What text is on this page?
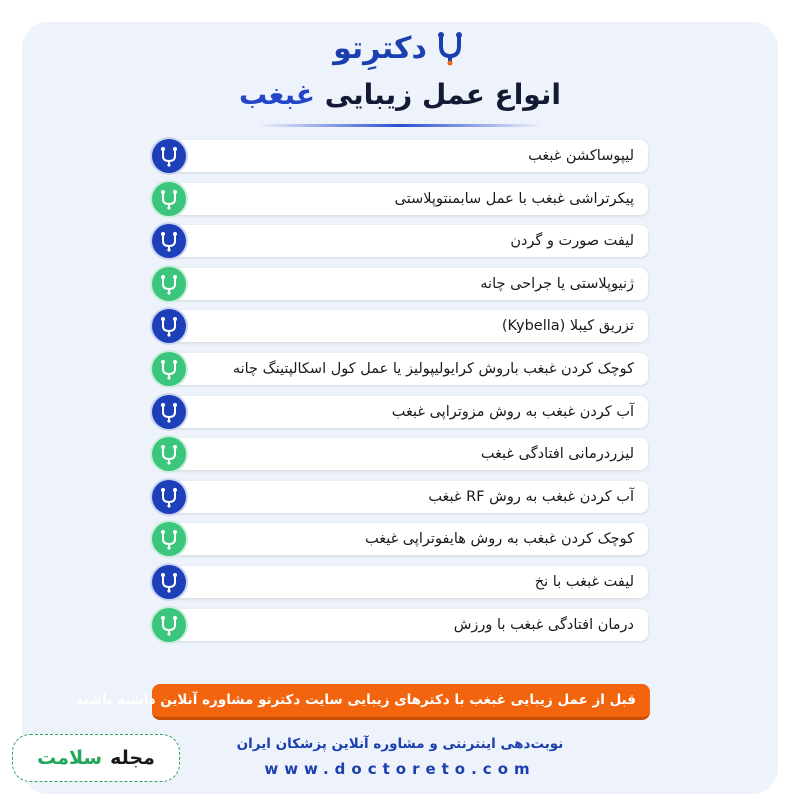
دکترِتو
انواع عمل زیبایی غبغب
لیپوساکشن غبغب
پیکرتراشی غبغب با عمل سابمنتوپلاستی
لیفت صورت و گردن
ژنیوپلاستی یا جراحی چانه
تزریق کیبلا (Kybella)
کوچک کردن غبغب باروش کرایولیپولیز یا عمل کول اسکالپتینگ چانه
آب کردن غبغب به روش مزوتراپی غبغب
لیزردرمانی افتادگی غبغب
آب کردن غبغب به روش RF غبغب
کوچک کردن غبغب به روش هایفوتراپی غیغب
لیفت غبغب با نخ
درمان افتادگی غبغب با ورزش
قبل از عمل زیبایی غبغب با دکترهای زیبایی سایت دکترتو مشاوره آنلاین داشته باشید
نوبت‌دهی اینترنتی و مشاوره آنلاین پزشکان ایران
www.doctoreto.com
مجله
سلامت
